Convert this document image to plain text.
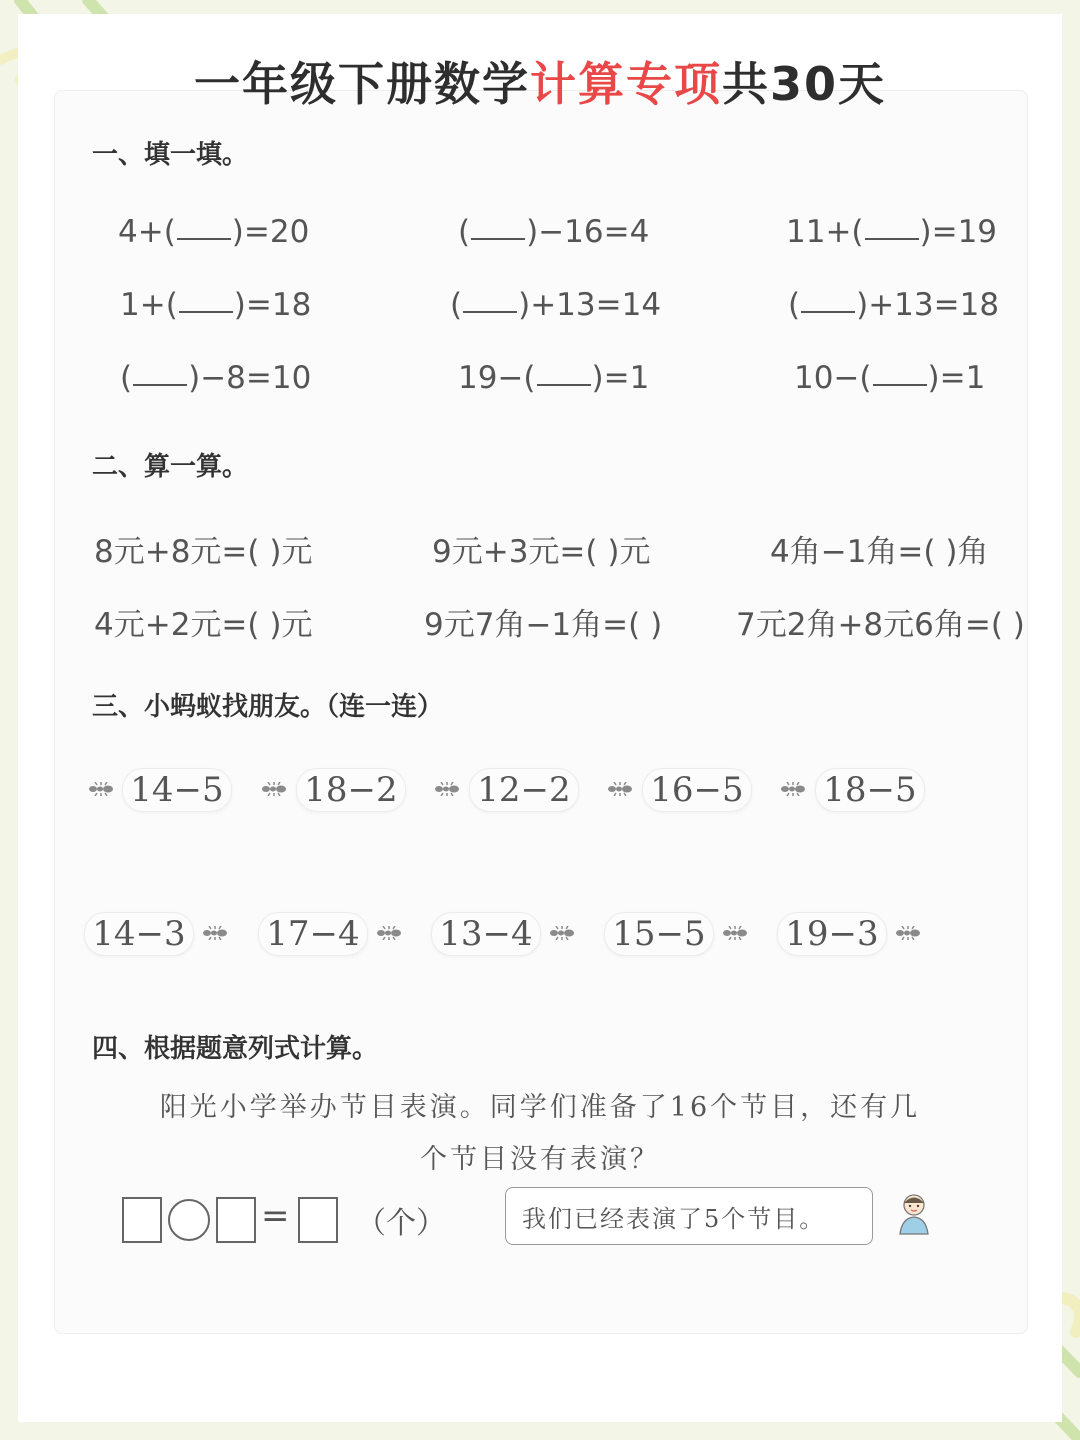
一年级下册数学计算专项共30天
一、填一填。
4+( )=20	( )−16=4	11+( )=19
1+( )=18	( )+13=14	( )+13=18
( )−8=10	19−( )=1	10−( )=1
二、算一算。
8元+8元=( )元	9元+3元=( )元	4角−1角=( )角
4元+2元=( )元	9元7角−1角=( ) 7元2角+8元6角=( )
三、小蚂蚁找朋友。（连一连）
14−5 18−2 12−2 16−5 18−5
14−3 17−4 13−4 15−5 19−3
四、根据题意列式计算。
阳光小学举办节目表演。同学们准备了16个节目，还有几
个节目没有表演？
= （个）	我们已经表演了5个节目。
